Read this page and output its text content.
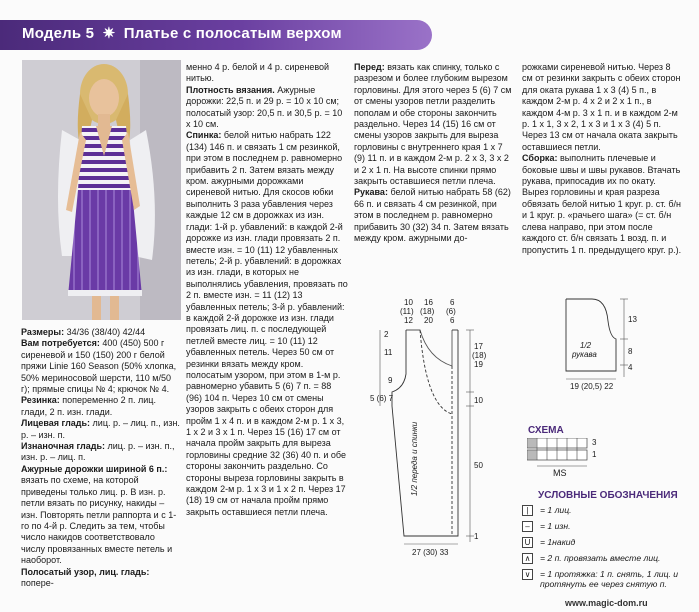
Модель 5 ✷ Платье с полосатым верхом

Размеры: 34/36 (38/40) 42/44

Вам потребуется: 400 (450) 500 г сиреневой и 150 (150) 200 г белой пряжи Linie 160 Season (50% хлопка, 50% мериносовой шерсти, 110 м/50 г); прямые спицы № 4; крючок № 4.

Резинка: попеременно 2 п. лиц. глади, 2 п. изн. глади.

Лицевая гладь: лиц. р. – лиц. п., изн. р. – изн. п.

Изнаночная гладь: лиц. р. – изн. п., изн. р. – лиц. п.

Ажурные дорожки шириной 6 п.: вязать по схеме, на которой приведены только лиц. р. В изн. р. петли вязать по рисунку, накиды – изн. Повторять петли раппорта и с 1-го по 4-й р. Следить за тем, чтобы число накидов соответствовало числу провязанных вместе петель и наоборот.

Полосатый узор, лиц. гладь: попере-

менно 4 р. белой и 4 р. сиреневой нитью.

Плотность вязания. Ажурные дорожки: 22,5 п. и 29 р. = 10 x 10 см; полосатый узор: 20,5 п. и 30,5 р. = 10 x 10 см.

Спинка: белой нитью набрать 122 (134) 146 п. и связать 1 см резинкой, при этом в последнем р. равномерно прибавить 2 п. Затем вязать между кром. ажурными дорожками сиреневой нитью. Для скосов юбки выполнить 3 раза убавления через каждые 12 см в дорожках из изн. глади: 1-й р. убавлений: в каждой 2-й дорожке из изн. глади провязать 2 п. вместе изн. = 10 (11) 12 убавленных петель; 2-й р. убавлений: в дорожках из изн. глади, в которых не выполнялись убавления, провязать по 2 п. вместе изн. = 11 (12) 13 убавленных петель; 3-й р. убавлений: в каждой 2-й дорожке из изн. глади провязать лиц. п. с последующей петлей вместе лиц. = 10 (11) 12 убавленных петель. Через 50 см от резинки вязать между кром. полосатым узором, при этом в 1-м р. равномерно убавить 5 (6) 7 п. = 88 (96) 104 п. Через 10 см от смены узоров закрыть с обеих сторон для пройм 1 x 4 п. и в каждом 2-м р. 1 x 3, 1 x 2 и 3 x 1 п. Через 15 (16) 17 см от начала пройм закрыть для выреза горловины средние 32 (36) 40 п. и обе стороны закончить раздельно. Со стороны выреза горловины закрыть в каждом 2-м р. 1 x 3 и 1 x 2 п. Через 17 (18) 19 см от начала пройм прямо закрыть оставшиеся петли плеча.

Перед: вязать как спинку, только с разрезом и более глубоким вырезом горловины. Для этого через 5 (6) 7 см от смены узоров петли разделить пополам и обе стороны закончить раздельно. Через 14 (15) 16 см от смены узоров закрыть для выреза горловины с внутреннего края 1 x 7 (9) 11 п. и в каждом 2-м р. 2 x 3, 3 x 2 и 2 x 1 п. На высоте спинки прямо закрыть оставшиеся петли плеча.

Рукава: белой нитью набрать 58 (62) 66 п. и связать 4 см резинкой, при этом в последнем р. равномерно прибавить 30 (32) 34 п. Затем вязать между кром. ажурными до-

рожками сиреневой нитью. Через 8 см от резинки закрыть с обеих сторон для оката рукава 1 x 3 (4) 5 п., в каждом 2-м р. 4 x 2 и 2 x 1 п., в каждом 4-м р. 3 x 1 п. и в каждом 2-м р. 1 x 1, 3 x 2, 1 x 3 и 1 x 3 (4) 5 п. Через 13 см от начала оката закрыть оставшиеся петли.

Сборка: выполнить плечевые и боковые швы и швы рукавов. Втачать рукава, припосадив их по окату. Вырез горловины и края разреза обвязать белой нитью 1 круг. р. ст. б/н и 1 круг. р. «рачьего шага» (= ст. б/н слева направо, при этом после каждого ст. б/н связать 1 возд. п. и пропустить 1 п. предыдущего круг. р.).

10
(11)
12
16
(18)
20
6
(6)
6
2
11
9
5 (6) 7
17
(18)
19
10
50
1
1/2 переда и спинки
27 (30) 33
1/2
рукава
13
8
4
19 (20,5) 22
СХЕМА
MS
3
1
УСЛОВНЫЕ ОБОЗНАЧЕНИЯ
|	= 1 лиц.
–	= 1 изн.
U	= 1накид
∧ = 2 п. провязать вместе лиц.
∨ = 1 протяжка: 1 п. снять, 1 лиц. и протянуть ее через снятую п.
www.magic-dom.ru
